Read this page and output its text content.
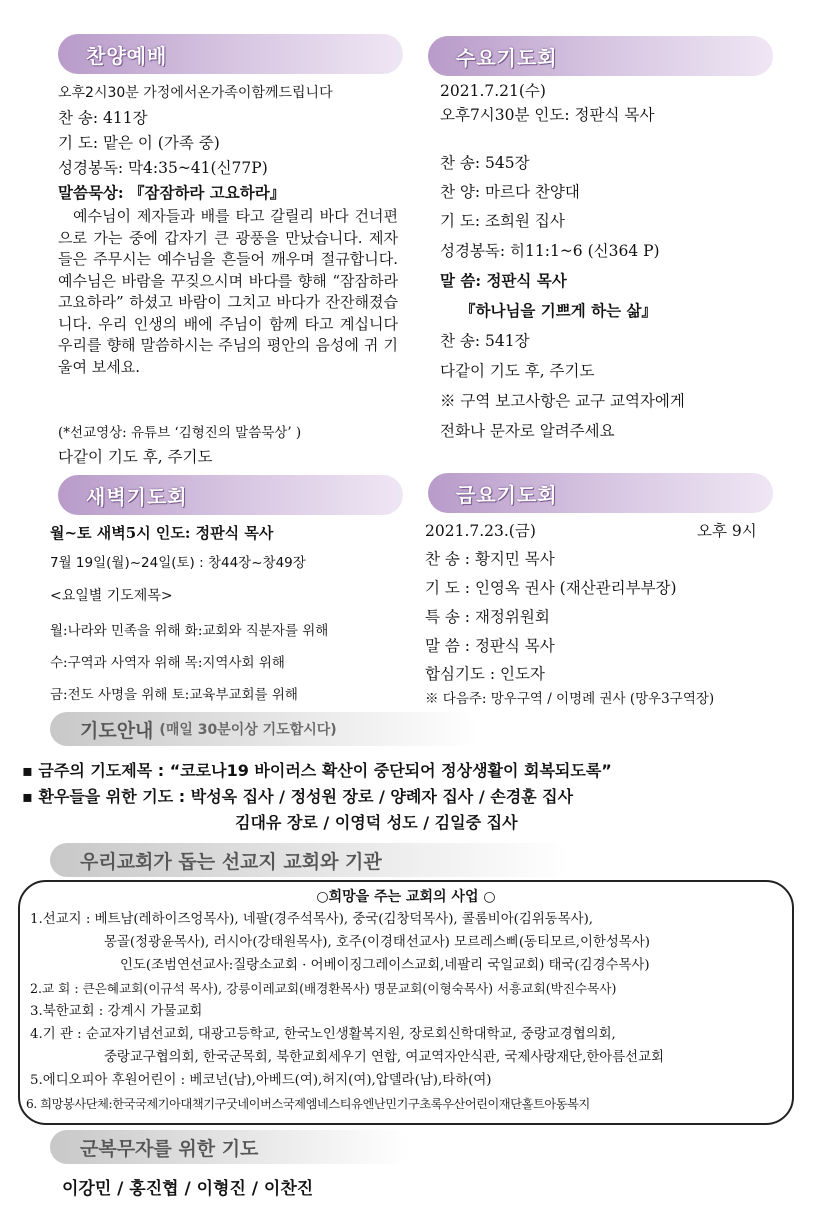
찬양예배
오후2시30분 가정에서온가족이함께드립니다
찬 송: 411장
기 도: 맡은 이 (가족 중)
성경봉독: 막4:35~41(신77P)
말씀묵상: 『잠잠하라 고요하라』
예수님이 제자들과 배를 타고 갈릴리 바다 건너편으로 가는 중에 갑자기 큰 광풍을 만났습니다. 제자들은 주무시는 예수님을 흔들어 깨우며 절규합니다. 예수님은 바람을 꾸짖으시며 바다를 향해 “잠잠하라 고요하라” 하셨고 바람이 그치고 바다가 잔잔해졌습니다. 우리 인생의 배에 주님이 함께 타고 계십니다 우리를 향해 말씀하시는 주님의 평안의 음성에 귀 기울여 보세요.
(*선교영상: 유튜브 ‘김형진의 말씀묵상’ )
다같이 기도 후, 주기도
수요기도회
2021.7.21(수)
오후7시30분 인도: 정판식 목사
찬 송: 545장
찬 양: 마르다 찬양대
기 도: 조희원 집사
성경봉독: 히11:1~6 (신364 P)
말 씀: 정판식 목사
『하나님을 기쁘게 하는 삶』
찬 송: 541장
다같이 기도 후, 주기도
※ 구역 보고사항은 교구 교역자에게
전화나 문자로 알려주세요
새벽기도회
월~토 새벽5시 인도: 정판식 목사
7월 19일(월)~24일(토) : 창44장~창49장
<요일별 기도제목>
월:나라와 민족을 위해 화:교회와 직분자를 위해
수:구역과 사역자 위해 목:지역사회 위해
금:전도 사명을 위해 토:교육부교회를 위해
금요기도회
2021.7.23.(금)	오후 9시
찬 송 : 황지민 목사
기 도 : 인영옥 권사 (재산관리부부장)
특 송 : 재정위원회
말 씀 : 정판식 목사
합심기도 : 인도자
※ 다음주: 망우구역 / 이명례 권사 (망우3구역장)
기도안내 (매일 30분이상 기도합시다)
▪ 금주의 기도제목 : “코로나19 바이러스 확산이 중단되어 정상생활이 회복되도록”
▪ 환우들을 위한 기도 : 박성옥 집사 / 정성원 장로 / 양례자 집사 / 손경훈 집사
김대유 장로 / 이영덕 성도 / 김일중 집사
우리교회가 돕는 선교지 교회와 기관
○희망을 주는 교회의 사업 ○
1.선교지 : 베트남(레하이즈엉목사), 네팔(경주석목사), 중국(김창덕목사), 콜롬비아(김위동목사),
몽골(정광윤목사), 러시아(강태원목사), 호주(이경태선교사) 모르레스삐(동티모르,이한성목사)
인도(조범연선교사:질랑소교회 · 어베이징그레이스교회,네팔리 국일교회) 태국(김경수목사)
2.교 회 : 큰은혜교회(이규석 목사), 강릉이레교회(배경환목사) 명문교회(이형숙목사) 서흥교회(박진수목사)
3.북한교회 : 강계시 가물교회
4.기 관 : 순교자기념선교회, 대광고등학교, 한국노인생활복지원, 장로회신학대학교, 중랑교경협의회,
중랑교구협의회, 한국군목회, 북한교회세우기 연합, 여교역자안식관, 국제사랑재단,한아름선교회
5.에디오피아 후원어린이 : 베코넌(남),아베드(여),허지(여),압델라(남),타하(여)
6. 희망봉사단체:한국국제기아대책기구굿네이버스국제엠네스티유엔난민기구초록우산어린이재단홀트아동복지
군복무자를 위한 기도
이강민 / 홍진협 / 이형진 / 이찬진
